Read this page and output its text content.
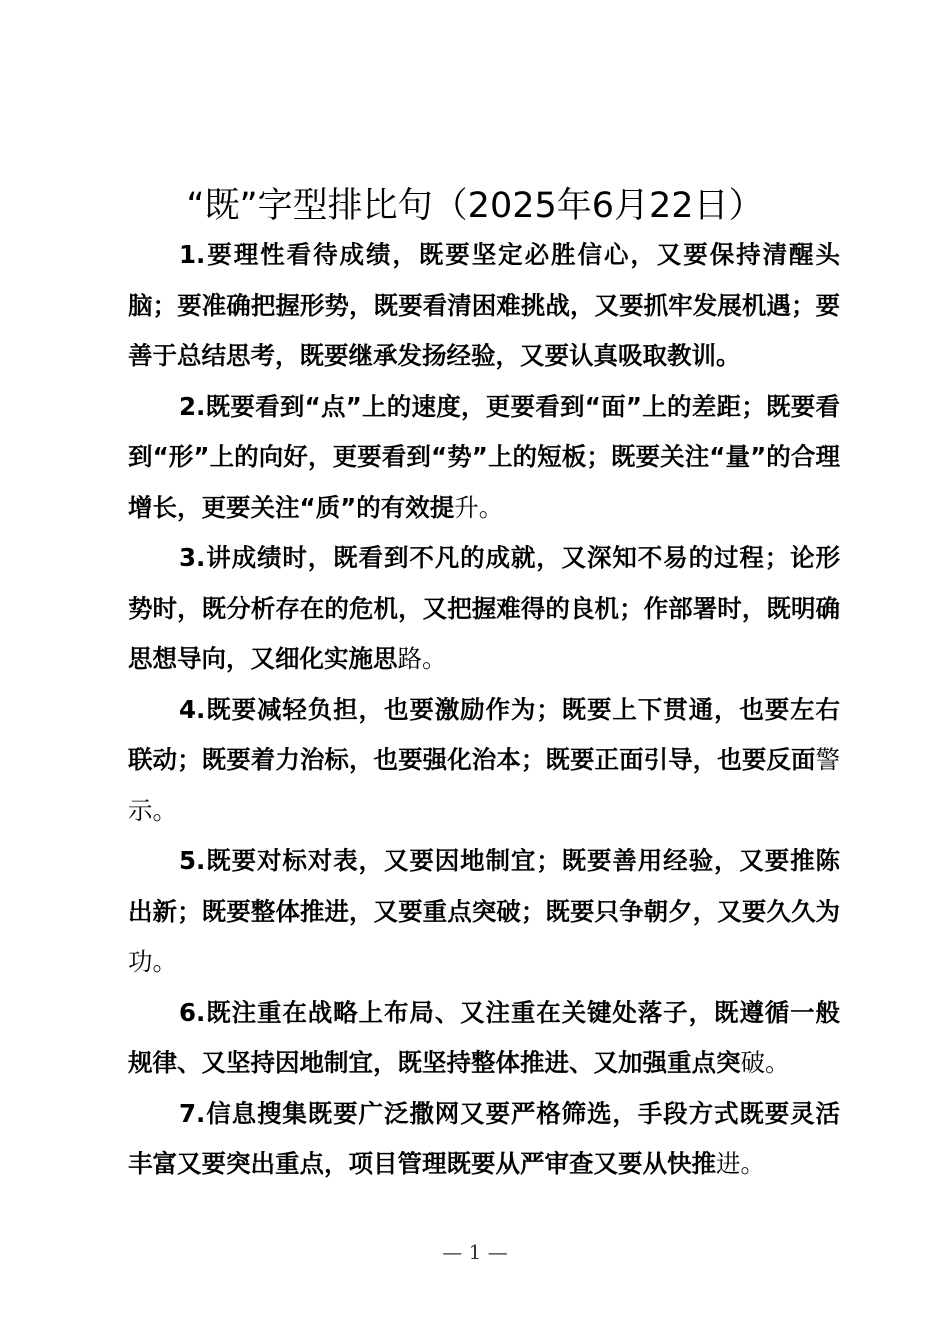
“既”字型排比句（2025年6月22日）

1.要理性看待成绩，既要坚定必胜信心，又要保持清醒头脑；要准确把握形势，既要看清困难挑战，又要抓牢发展机遇；要善于总结思考，既要继承发扬经验，又要认真吸取教训。

2.既要看到“点”上的速度，更要看到“面”上的差距；既要看到“形”上的向好，更要看到“势”上的短板；既要关注“量”的合理增长，更要关注“质”的有效提升。

3.讲成绩时，既看到不凡的成就，又深知不易的过程；论形势时，既分析存在的危机，又把握难得的良机；作部署时，既明确思想导向，又细化实施思路。

4.既要减轻负担，也要激励作为；既要上下贯通，也要左右联动；既要着力治标，也要强化治本；既要正面引导，也要反面警示。

5.既要对标对表，又要因地制宜；既要善用经验，又要推陈出新；既要整体推进，又要重点突破；既要只争朝夕，又要久久为功。

6.既注重在战略上布局、又注重在关键处落子，既遵循一般规律、又坚持因地制宜，既坚持整体推进、又加强重点突破。

7.信息搜集既要广泛撒网又要严格筛选，手段方式既要灵活丰富又要突出重点，项目管理既要从严审查又要从快推进。

— 1 —
